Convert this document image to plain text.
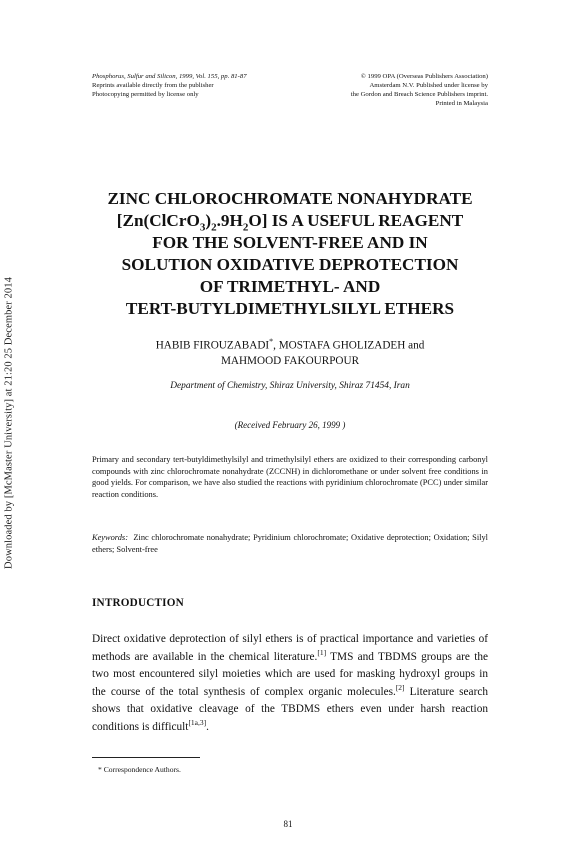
Downloaded by [McMaster University] at 21:20 25 December 2014
Phosphorus, Sulfur and Silicon, 1999, Vol. 155, pp. 81-87
Reprints available directly from the publisher
Photocopying permitted by license only
© 1999 OPA (Overseas Publishers Association)
Amsterdam N.V. Published under license by
the Gordon and Breach Science Publishers imprint.
Printed in Malaysia
ZINC CHLOROCHROMATE NONAHYDRATE
$[Zn(ClCrO_3)_2.9H_2O]$ IS A USEFUL REAGENT
FOR THE SOLVENT-FREE AND IN
SOLUTION OXIDATIVE DEPROTECTION
OF TRIMETHYL- AND
TERT-BUTYLDIMETHYLSILYL ETHERS
HABIB FIROUZABADI*, MOSTAFA GHOLIZADEH and
MAHMOOD FAKOURPOUR
Department of Chemistry, Shiraz University, Shiraz 71454, Iran
(Received February 26, 1999 )
Primary and secondary tert-butyldimethylsilyl and trimethylsilyl ethers are oxidized to their corresponding carbonyl compounds with zinc chlorochromate nonahydrate (ZCCNH) in dichloromethane or under solvent free conditions in good yields. For comparison, we have also studied the reactions with pyridinium chlorochromate (PCC) under similar reaction conditions.
Keywords: Zinc chlorochromate nonahydrate; Pyridinium chlorochromate; Oxidative deprotection; Oxidation; Silyl ethers; Solvent-free
INTRODUCTION
Direct oxidative deprotection of silyl ethers is of practical importance and varieties of methods are available in the chemical literature.[1] TMS and TBDMS groups are the two most encountered silyl moieties which are used for masking hydroxyl groups in the course of the total synthesis of complex organic molecules.[2] Literature search shows that oxidative cleavage of the TBDMS ethers even under harsh reaction conditions is difficult[1a,3].
* Correspondence Authors.
81
